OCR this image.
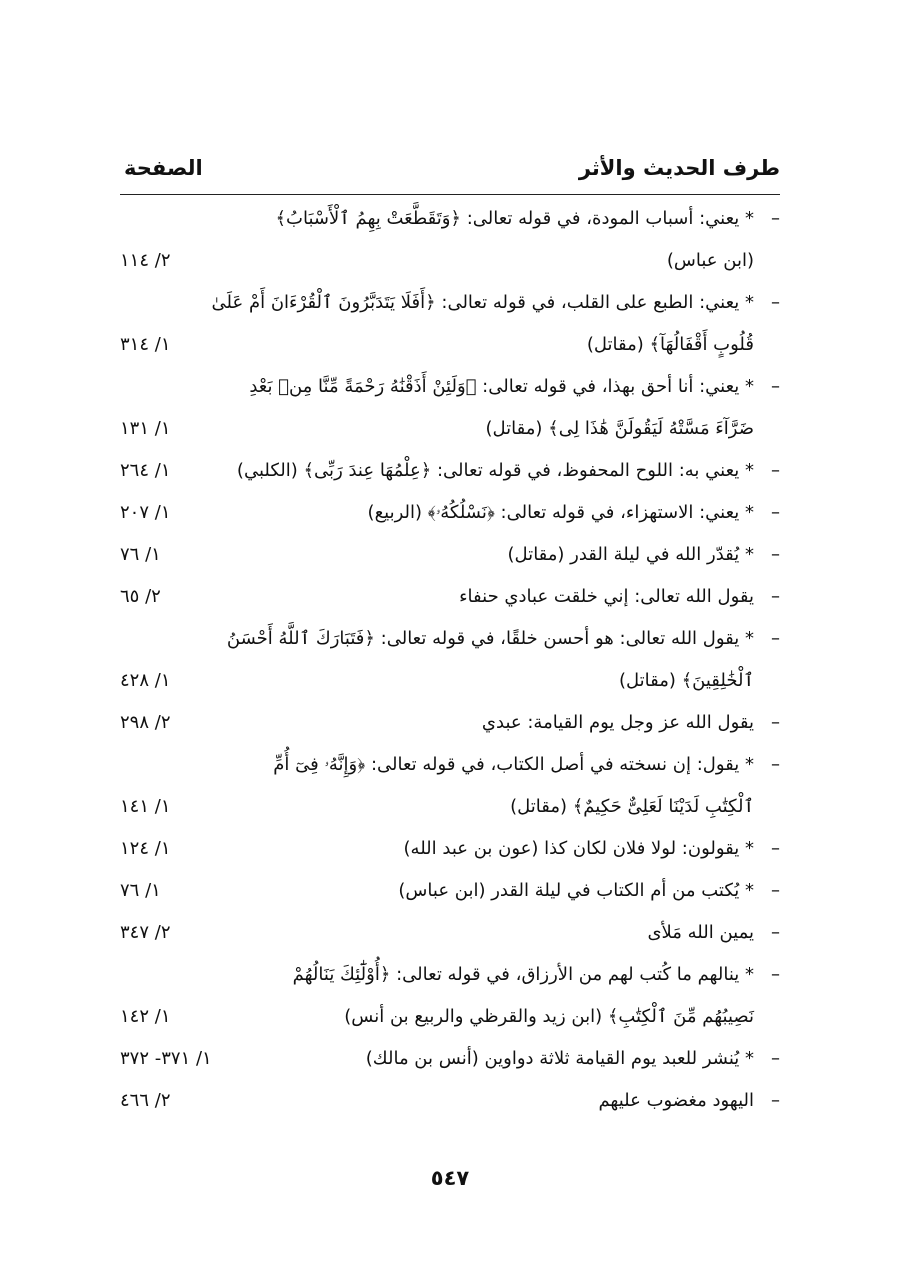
طرف الحديث والأثر
الصفحة
–
* يعني: أسباب المودة، في قوله تعالى: ﴿وَتَقَطَّعَتْ بِهِمُ ٱلْأَسْبَابُ﴾
(ابن عباس)
٢/ ١١٤
–
* يعني: الطبع على القلب، في قوله تعالى: ﴿أَفَلَا يَتَدَبَّرُونَ ٱلْقُرْءَانَ أَمْ عَلَىٰ
قُلُوبٍ أَقْفَالُهَآ﴾ (مقاتل)
١/ ٣١٤
–
* يعني: أنا أحق بهذا، في قوله تعالى: ﴿وَلَئِنْ أَذَقْنَٰهُ رَحْمَةً مِّنَّا مِنۢ بَعْدِ
ضَرَّآءَ مَسَّتْهُ لَيَقُولَنَّ هَٰذَا لِى﴾ (مقاتل)
١/ ١٣١
–
* يعني به: اللوح المحفوظ، في قوله تعالى: ﴿عِلْمُهَا عِندَ رَبِّى﴾ (الكلبي)
١/ ٢٦٤
–
* يعني: الاستهزاء، في قوله تعالى: ﴿نَسْلُكُهُۥ﴾ (الربيع)
١/ ٢٠٧
–
* يُقدّر الله في ليلة القدر (مقاتل)
١/ ٧٦
–
يقول الله تعالى: إني خلقت عبادي حنفاء
٢/ ٦٥
–
* يقول الله تعالى: هو أحسن خلقًا، في قوله تعالى: ﴿فَتَبَارَكَ ٱللَّهُ أَحْسَنُ
ٱلْخَٰلِقِينَ﴾ (مقاتل)
١/ ٤٢٨
–
يقول الله عز وجل يوم القيامة: عبدي
٢/ ٢٩٨
–
* يقول: إن نسخته في أصل الكتاب، في قوله تعالى: ﴿وَإِنَّهُۥ فِىٓ أُمِّ
ٱلْكِتَٰبِ لَدَيْنَا لَعَلِىٌّ حَكِيمٌ﴾ (مقاتل)
١/ ١٤١
–
* يقولون: لولا فلان لكان كذا (عون بن عبد الله)
١/ ١٢٤
–
* يُكتب من أم الكتاب في ليلة القدر (ابن عباس)
١/ ٧٦
–
يمين الله مَلأى
٢/ ٣٤٧
–
* ينالهم ما كُتب لهم من الأرزاق، في قوله تعالى: ﴿أُوْلَٰٓئِكَ يَنَالُهُمْ
نَصِيبُهُم مِّنَ ٱلْكِتَٰبِ﴾ (ابن زيد والقرظي والربيع بن أنس)
١/ ١٤٢
–
* يُنشر للعبد يوم القيامة ثلاثة دواوين (أنس بن مالك)
١/ ٣٧١- ٣٧٢
–
اليهود مغضوب عليهم
٢/ ٤٦٦
٥٤٧
